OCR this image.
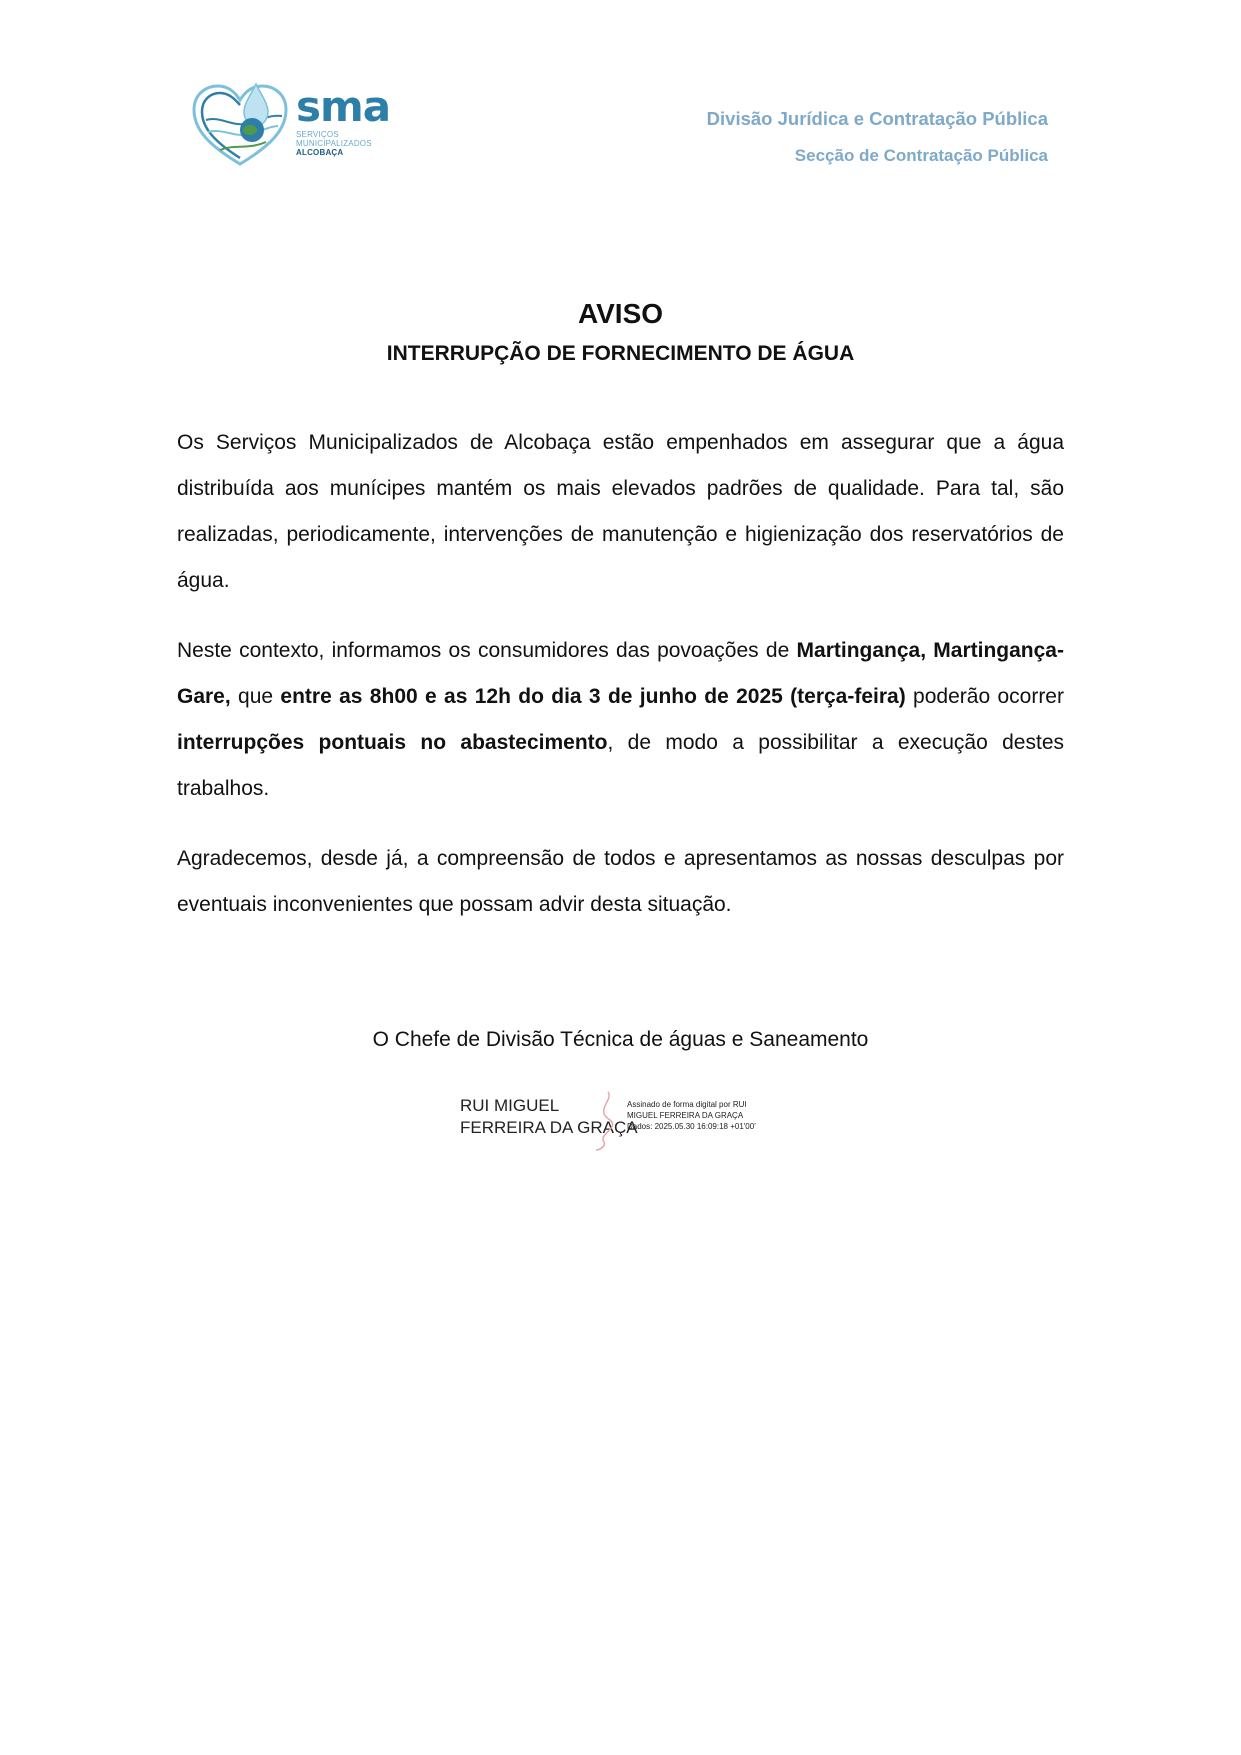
sma
SERVIÇOS
MUNICIPALIZADOS
ALCOBAÇA
Divisão Jurídica e Contratação Pública
Secção de Contratação Pública
AVISO
INTERRUPÇÃO DE FORNECIMENTO DE ÁGUA

Os Serviços Municipalizados de Alcobaça estão empenhados em assegurar que a água distribuída aos munícipes mantém os mais elevados padrões de qualidade. Para tal, são realizadas, periodicamente, intervenções de manutenção e higienização dos reservatórios de água.

Neste contexto, informamos os consumidores das povoações de Martingança, Martingança-Gare, que entre as 8h00 e as 12h do dia 3 de junho de 2025 (terça-feira) poderão ocorrer interrupções pontuais no abastecimento, de modo a possibilitar a execução destes trabalhos.

Agradecemos, desde já, a compreensão de todos e apresentamos as nossas desculpas por eventuais inconvenientes que possam advir desta situação.

O Chefe de Divisão Técnica de águas e Saneamento
RUI MIGUEL
FERREIRA DA GRAÇA
Assinado de forma digital por RUI
MIGUEL FERREIRA DA GRAÇA
Dados: 2025.05.30 16:09:18 +01'00'
